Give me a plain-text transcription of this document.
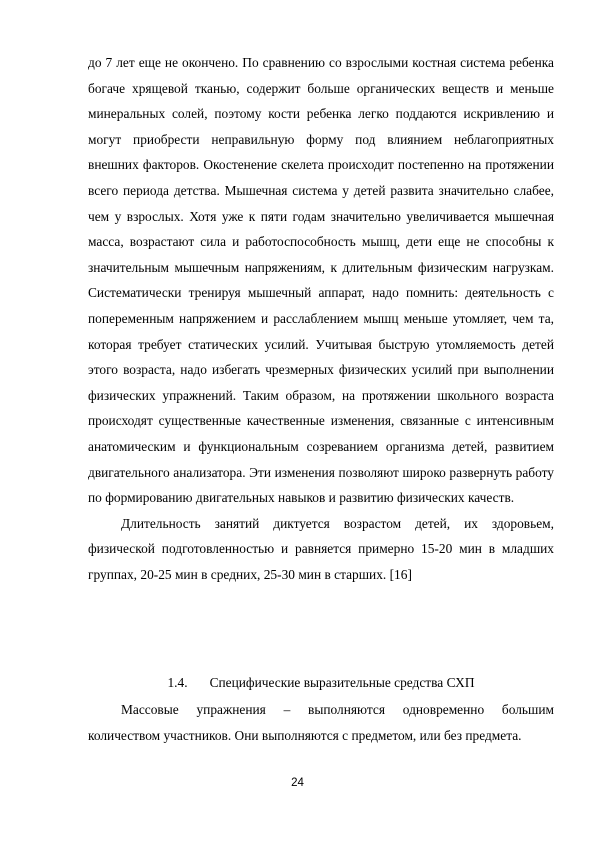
до 7 лет еще не окончено. По сравнению со взрослыми костная система ребенка богаче хрящевой тканью, содержит больше органических веществ и меньше минеральных солей, поэтому кости ребенка легко поддаются искривлению и могут приобрести неправильную форму под влиянием неблагоприятных внешних факторов. Окостенение скелета происходит постепенно на протяжении всего периода детства. Мышечная система у детей развита значительно слабее, чем у взрослых. Хотя уже к пяти годам значительно увеличивается мышечная масса, возрастают сила и работоспособность мышц, дети еще не способны к значительным мышечным напряжениям, к длительным физическим нагрузкам. Систематически тренируя мышечный аппарат, надо помнить: деятельность с попеременным напряжением и расслаблением мышц меньше утомляет, чем та, которая требует статических усилий. Учитывая быструю утомляемость детей этого возраста, надо избегать чрезмерных физических усилий при выполнении физических упражнений. Таким образом, на протяжении школьного возраста происходят существенные качественные изменения, связанные с интенсивным анатомическим и функциональным созреванием организма детей, развитием двигательного анализатора. Эти изменения позволяют широко развернуть работу по формированию двигательных навыков и развитию физических качеств.

Длительность занятий диктуется возрастом детей, их здоровьем, физической подготовленностью и равняется примерно 15-20 мин в младших группах, 20-25 мин в средних, 25-30 мин в старших. [16]

1.4. Специфические выразительные средства СХП

Массовые упражнения – выполняются одновременно большим количеством участников. Они выполняются с предметом, или без предмета.

24
